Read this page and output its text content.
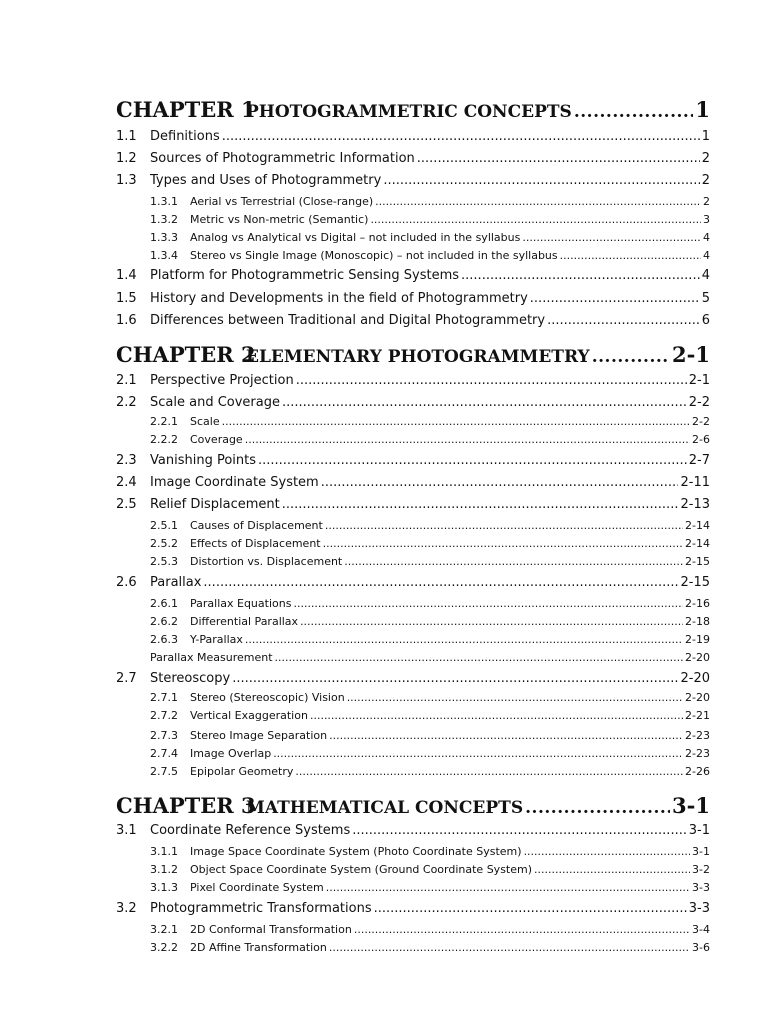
CHAPTER 1
PHOTOGRAMMETRIC CONCEPTS .....	1
1.1	Definitions .....	1
1.2	Sources of Photogrammetric Information .....	2
1.3	Types and Uses of Photogrammetry .....	2
1.3.1	Aerial vs Terrestrial (Close-range) .....	2
1.3.2	Metric vs Non-metric (Semantic) .....	3
1.3.3	Analog vs Analytical vs Digital – not included in the syllabus .....	4
1.3.4	Stereo vs Single Image (Monoscopic) – not included in the syllabus .....	4
1.4	Platform for Photogrammetric Sensing Systems .....	4
1.5	History and Developments in the field of Photogrammetry .....	5
1.6	Differences between Traditional and Digital Photogrammetry .....	6
CHAPTER 2
ELEMENTARY PHOTOGRAMMETRY .....	2-1
2.1	Perspective Projection .....	2-1
2.2	Scale and Coverage .....	2-2
2.2.1	Scale .....	2-2
2.2.2	Coverage .....	2-6
2.3	Vanishing Points .....	2-7
2.4	Image Coordinate System .....	2-11
2.5	Relief Displacement .....	2-13
2.5.1	Causes of Displacement .....	2-14
2.5.2	Effects of Displacement .....	2-14
2.5.3	Distortion vs. Displacement .....	2-15
2.6	Parallax .....	2-15
2.6.1	Parallax Equations .....	2-16
2.6.2	Differential Parallax .....	2-18
2.6.3	Y-Parallax .....	2-19
Parallax Measurement .....	2-20
2.7	Stereoscopy .....	2-20
2.7.1	Stereo (Stereoscopic) Vision .....	2-20
2.7.2	Vertical Exaggeration .....	2-21
2.7.3	Stereo Image Separation .....	2-23
2.7.4	Image Overlap .....	2-23
2.7.5	Epipolar Geometry .....	2-26
CHAPTER 3
MATHEMATICAL CONCEPTS .....	3-1
3.1	Coordinate Reference Systems .....	3-1
3.1.1	Image Space Coordinate System (Photo Coordinate System) .....	3-1
3.1.2	Object Space Coordinate System (Ground Coordinate System) .....	3-2
3.1.3	Pixel Coordinate System .....	3-3
3.2	Photogrammetric Transformations .....	3-3
3.2.1	2D Conformal Transformation .....	3-4
3.2.2	2D Affine Transformation .....	3-6
